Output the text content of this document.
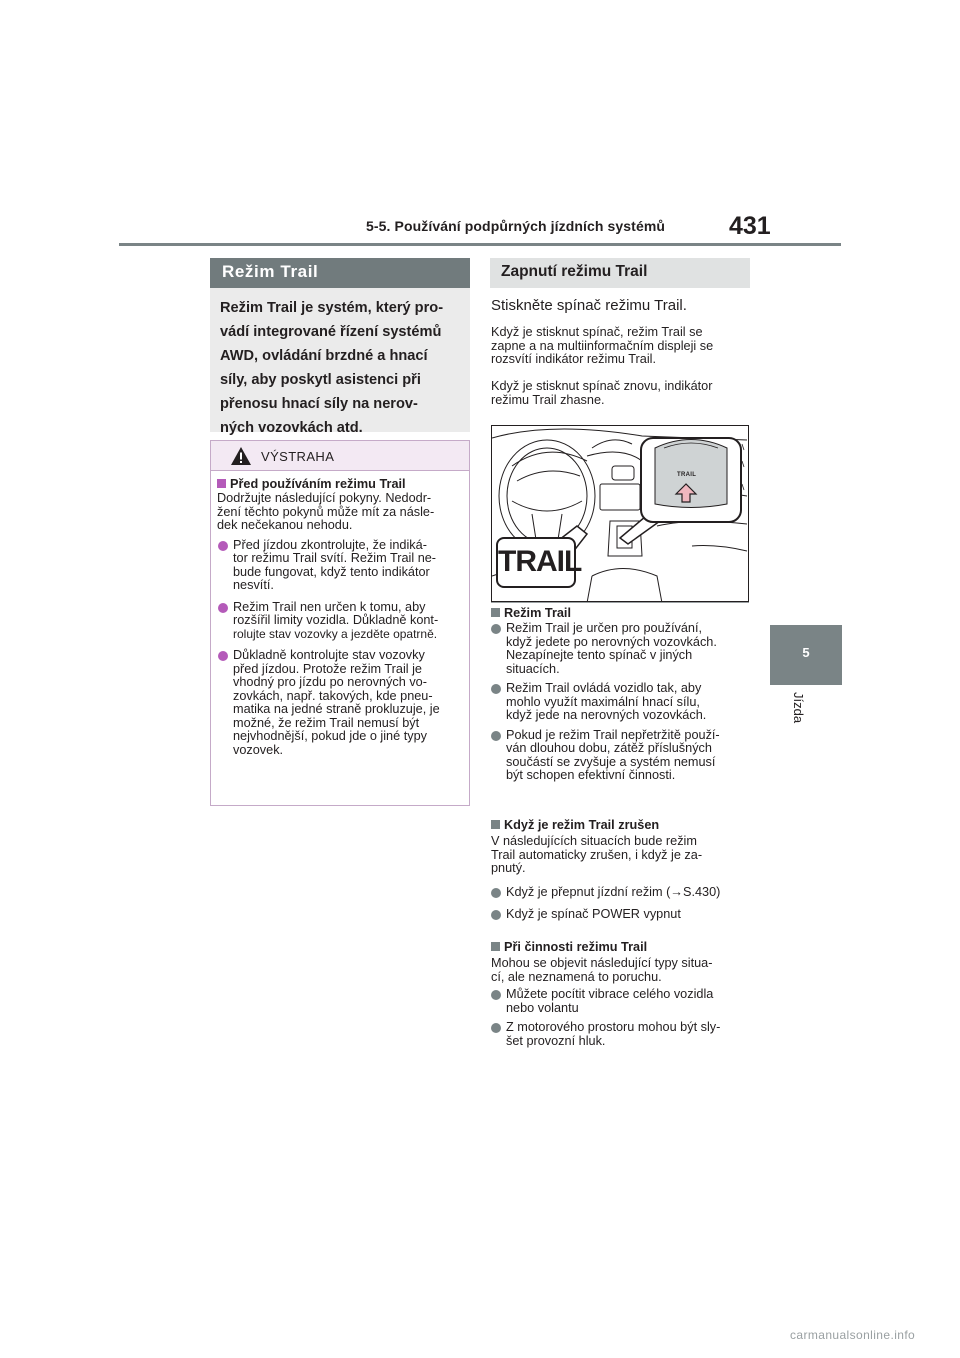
5-5. Používání podpůrných jízdních systémů	431
5
Jízda
Režim Trail
Režim Trail je systém, který pro-
vádí integrované řízení systémů
AWD, ovládání brzdné a hnací
síly, aby poskytl asistenci při
přenosu hnací síly na nerov-
ných vozovkách atd.
VÝSTRAHA
Před používáním režimu Trail
Dodržujte následující pokyny. Nedodr-
žení těchto pokynů může mít za násle-
dek nečekanou nehodu.
Před jízdou zkontrolujte, že indiká-
tor režimu Trail svítí. Režim Trail ne-
bude fungovat, když tento indikátor
nesvítí.
Režim Trail nen určen k tomu, aby
rozšířil limity vozidla. Důkladně kont-
rolujte stav vozovky a jezděte opatrně.
Důkladně kontrolujte stav vozovky
před jízdou. Protože režim Trail je
vhodný pro jízdu po nerovných vo-
zovkách, např. takových, kde pneu-
matika na jedné straně prokluzuje, je
možné, že režim Trail nemusí být
nejvhodnější, pokud jde o jiné typy
vozovek.
Zapnutí režimu Trail
Stiskněte spínač režimu Trail.
Když je stisknut spínač, režim Trail se
zapne a na multiinformačním displeji se
rozsvítí indikátor režimu Trail.
Když je stisknut spínač znovu, indikátor
režimu Trail zhasne.
TRAIL
TRAIL
Režim Trail
Režim Trail je určen pro používání,
když jedete po nerovných vozovkách.
Nezapínejte tento spínač v jiných
situacích.
Režim Trail ovládá vozidlo tak, aby
mohlo využít maximální hnací sílu,
když jede na nerovných vozovkách.
Pokud je režim Trail nepřetržitě použí-
ván dlouhou dobu, zátěž příslušných
součástí se zvyšuje a systém nemusí
být schopen efektivní činnosti.
Když je režim Trail zrušen
V následujících situacích bude režim
Trail automaticky zrušen, i když je za-
pnutý.
Když je přepnut jízdní režim (→S.430)
Když je spínač POWER vypnut
Při činnosti režimu Trail
Mohou se objevit následující typy situa-
cí, ale neznamená to poruchu.
Můžete pocítit vibrace celého vozidla
nebo volantu
Z motorového prostoru mohou být sly-
šet provozní hluk.
carmanualsonline.info
